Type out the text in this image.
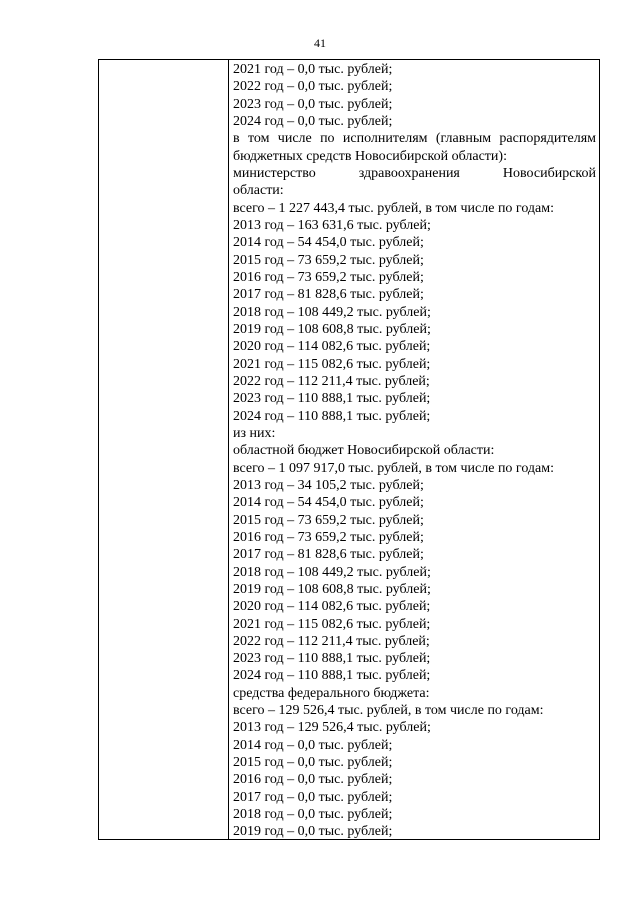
41
2021 год – 0,0 тыс. рублей;
2022 год – 0,0 тыс. рублей;
2023 год – 0,0 тыс. рублей;
2024 год – 0,0 тыс. рублей;
в том числе по исполнителям (главным распорядителям
бюджетных средств Новосибирской области):
министерство здравоохранения Новосибирской
области:
всего – 1 227 443,4 тыс. рублей, в том числе по годам:
2013 год – 163 631,6 тыс. рублей;
2014 год – 54 454,0 тыс. рублей;
2015 год – 73 659,2 тыс. рублей;
2016 год – 73 659,2 тыс. рублей;
2017 год – 81 828,6 тыс. рублей;
2018 год – 108 449,2 тыс. рублей;
2019 год – 108 608,8 тыс. рублей;
2020 год – 114 082,6 тыс. рублей;
2021 год – 115 082,6 тыс. рублей;
2022 год – 112 211,4 тыс. рублей;
2023 год – 110 888,1 тыс. рублей;
2024 год – 110 888,1 тыс. рублей;
из них:
областной бюджет Новосибирской области:
всего – 1 097 917,0 тыс. рублей, в том числе по годам:
2013 год – 34 105,2 тыс. рублей;
2014 год – 54 454,0 тыс. рублей;
2015 год – 73 659,2 тыс. рублей;
2016 год – 73 659,2 тыс. рублей;
2017 год – 81 828,6 тыс. рублей;
2018 год – 108 449,2 тыс. рублей;
2019 год – 108 608,8 тыс. рублей;
2020 год – 114 082,6 тыс. рублей;
2021 год – 115 082,6 тыс. рублей;
2022 год – 112 211,4 тыс. рублей;
2023 год – 110 888,1 тыс. рублей;
2024 год – 110 888,1 тыс. рублей;
средства федерального бюджета:
всего – 129 526,4 тыс. рублей, в том числе по годам:
2013 год – 129 526,4 тыс. рублей;
2014 год – 0,0 тыс. рублей;
2015 год – 0,0 тыс. рублей;
2016 год – 0,0 тыс. рублей;
2017 год – 0,0 тыс. рублей;
2018 год – 0,0 тыс. рублей;
2019 год – 0,0 тыс. рублей;
